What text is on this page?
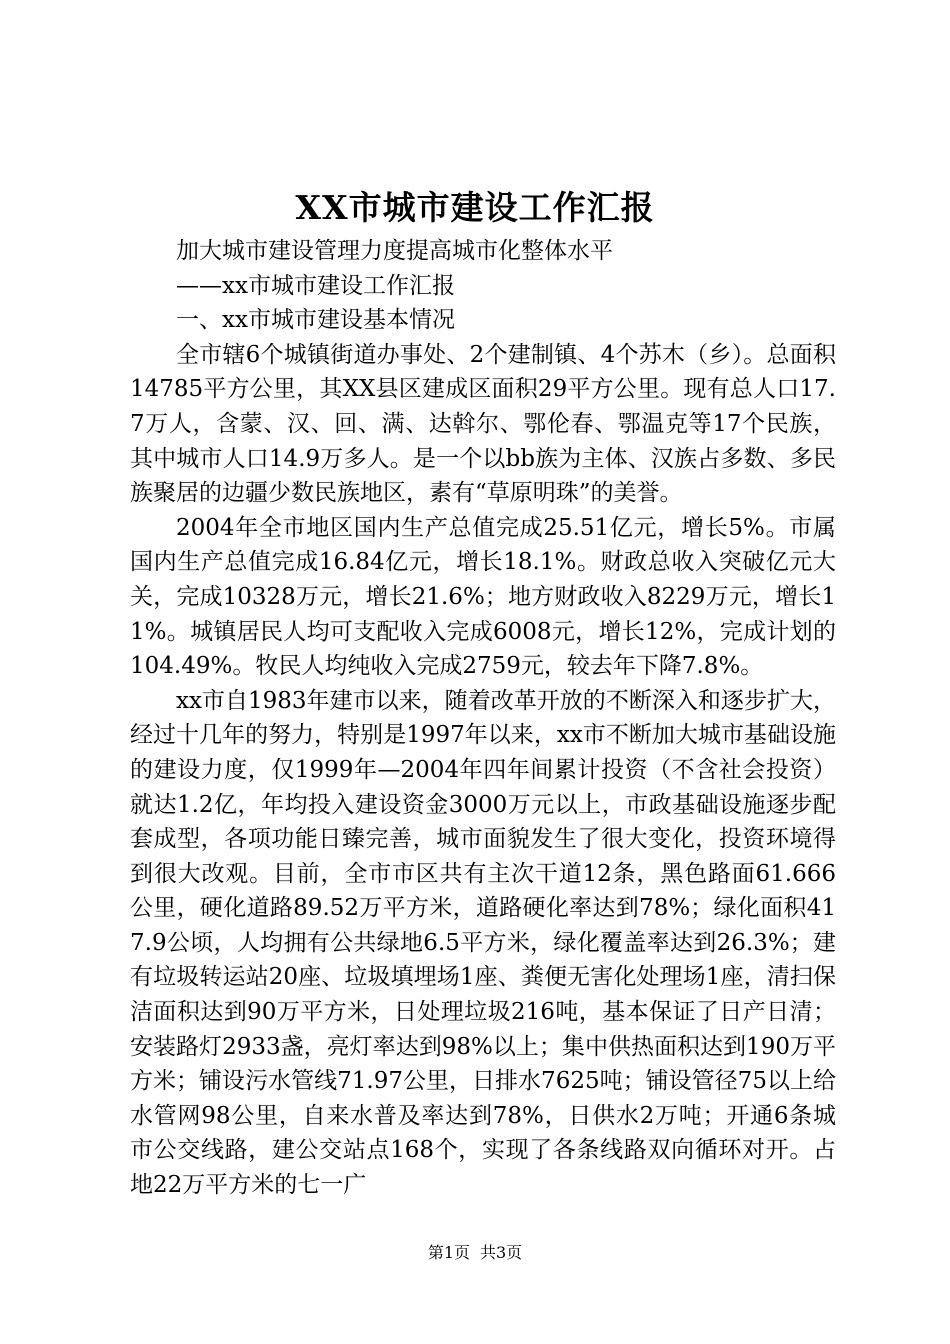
XX市城市建设工作汇报

加大城市建设管理力度提高城市化整体水平

——xx市城市建设工作汇报

一、xx市城市建设基本情况

全市辖6个城镇街道办事处、2个建制镇、4个苏木（乡）。总面积14785平方公里，其XX县区建成区面积29平方公里。现有总人口17.7万人，含蒙、汉、回、满、达斡尔、鄂伦春、鄂温克等17个民族，其中城市人口14.9万多人。是一个以bb族为主体、汉族占多数、多民族聚居的边疆少数民族地区，素有“草原明珠”的美誉。

2004年全市地区国内生产总值完成25.51亿元，增长5%。市属国内生产总值完成16.84亿元，增长18.1%。财政总收入突破亿元大关，完成10328万元，增长21.6%；地方财政收入8229万元，增长11%。城镇居民人均可支配收入完成6008元，增长12%，完成计划的104.49%。牧民人均纯收入完成2759元，较去年下降7.8%。

xx市自1983年建市以来，随着改革开放的不断深入和逐步扩大，经过十几年的努力，特别是1997年以来，xx市不断加大城市基础设施的建设力度，仅1999年—2004年四年间累计投资（不含社会投资）就达1.2亿，年均投入建设资金3000万元以上，市政基础设施逐步配套成型，各项功能日臻完善，城市面貌发生了很大变化，投资环境得到很大改观。目前，全市市区共有主次干道12条，黑色路面61.666公里，硬化道路89.52万平方米，道路硬化率达到78%；绿化面积417.9公顷，人均拥有公共绿地6.5平方米，绿化覆盖率达到26.3%；建有垃圾转运站20座、垃圾填埋场1座、粪便无害化处理场1座，清扫保洁面积达到90万平方米，日处理垃圾216吨，基本保证了日产日清；安装路灯2933盏，亮灯率达到98%以上；集中供热面积达到190万平方米；铺设污水管线71.97公里，日排水7625吨；铺设管径75以上给水管网98公里，自来水普及率达到78%，日供水2万吨；开通6条城市公交线路，建公交站点168个，实现了各条线路双向循环对开。占地22万平方米的七一广

第1页 共3页
